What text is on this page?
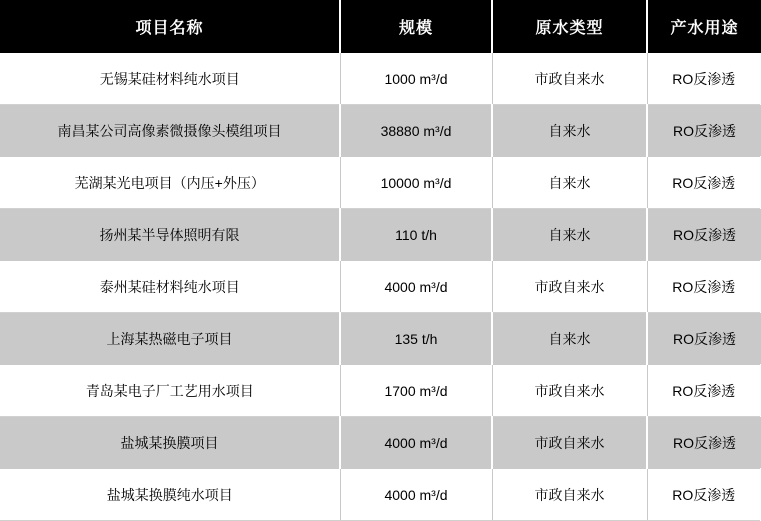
项目名称	规模	原水类型	产水用途
无锡某硅材料纯水项目	1000 m³/d	市政自来水	RO反渗透
南昌某公司高像素微摄像头模组项目	38880 m³/d	自来水	RO反渗透
芜湖某光电项目（内压+外压）	10000 m³/d	自来水	RO反渗透
扬州某半导体照明有限	110 t/h	自来水	RO反渗透
泰州某硅材料纯水项目	4000 m³/d	市政自来水	RO反渗透
上海某热磁电子项目	135 t/h	自来水	RO反渗透
青岛某电子厂工艺用水项目	1700 m³/d	市政自来水	RO反渗透
盐城某换膜项目	4000 m³/d	市政自来水	RO反渗透
盐城某换膜纯水项目	4000 m³/d	市政自来水	RO反渗透
